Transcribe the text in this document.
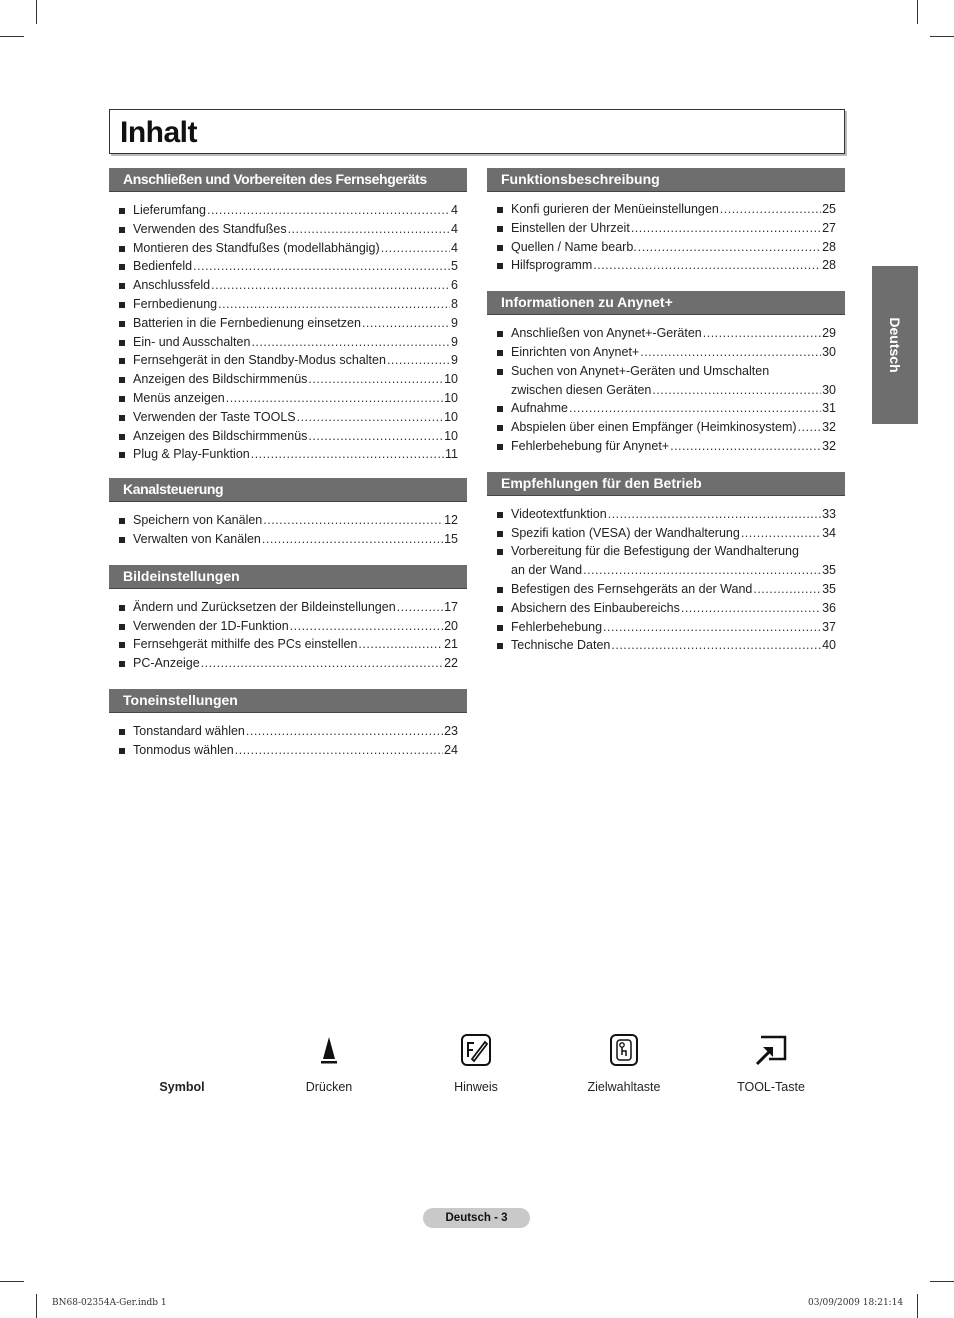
Inhalt
Deutsch
Anschließen und Vorbereiten des Fernsehgeräts
Lieferumfang .....	4
Verwenden des Standfußes .....	4
Montieren des Standfußes (modellabhängig) .....	4
Bedienfeld .....	5
Anschlussfeld .....	6
Fernbedienung .....	8
Batterien in die Fernbedienung einsetzen .....	9
Ein- und Ausschalten .....	9
Fernsehgerät in den Standby-Modus schalten .....	9
Anzeigen des Bildschirmmenüs .....	10
Menüs anzeigen .....	10
Verwenden der Taste TOOLS .....	10
Anzeigen des Bildschirmmenüs .....	10
Plug & Play-Funktion .....	11
Kanalsteuerung
Speichern von Kanälen .....	12
Verwalten von Kanälen .....	15
Bildeinstellungen
Ändern und Zurücksetzen der Bildeinstellungen .....	17
Verwenden der 1D-Funktion .....	20
Fernsehgerät mithilfe des PCs einstellen .....	21
PC-Anzeige .....	22
Toneinstellungen
Tonstandard wählen .....	23
Tonmodus wählen .....	24
Funktionsbeschreibung
Konfi gurieren der Menüeinstellungen .....	25
Einstellen der Uhrzeit .....	27
Quellen / Name bearb. .....	28
Hilfsprogramm .....	28
Informationen zu Anynet+
Anschließen von Anynet+-Geräten .....	29
Einrichten von Anynet+ .....	30
Suchen von Anynet+-Geräten und Umschalten
zwischen diesen Geräten .....	30
Aufnahme .....	31
Abspielen über einen Empfänger (Heimkinosystem) ..... 32
Fehlerbehebung für Anynet+ .....	32
Empfehlungen für den Betrieb
Videotextfunktion .....	33
Spezifi kation (VESA) der Wandhalterung .....	34
Vorbereitung für die Befestigung der Wandhalterung
an der Wand .....	35
Befestigen des Fernsehgeräts an der Wand .....	35
Absichern des Einbaubereichs .....	36
Fehlerbehebung .....	37
Technische Daten .....	40
Symbol	Drücken	Hinweis	Zielwahltaste	TOOL-Taste
Deutsch - 3
BN68-02354A-Ger.indb 1	03/09/2009 18:21:14
